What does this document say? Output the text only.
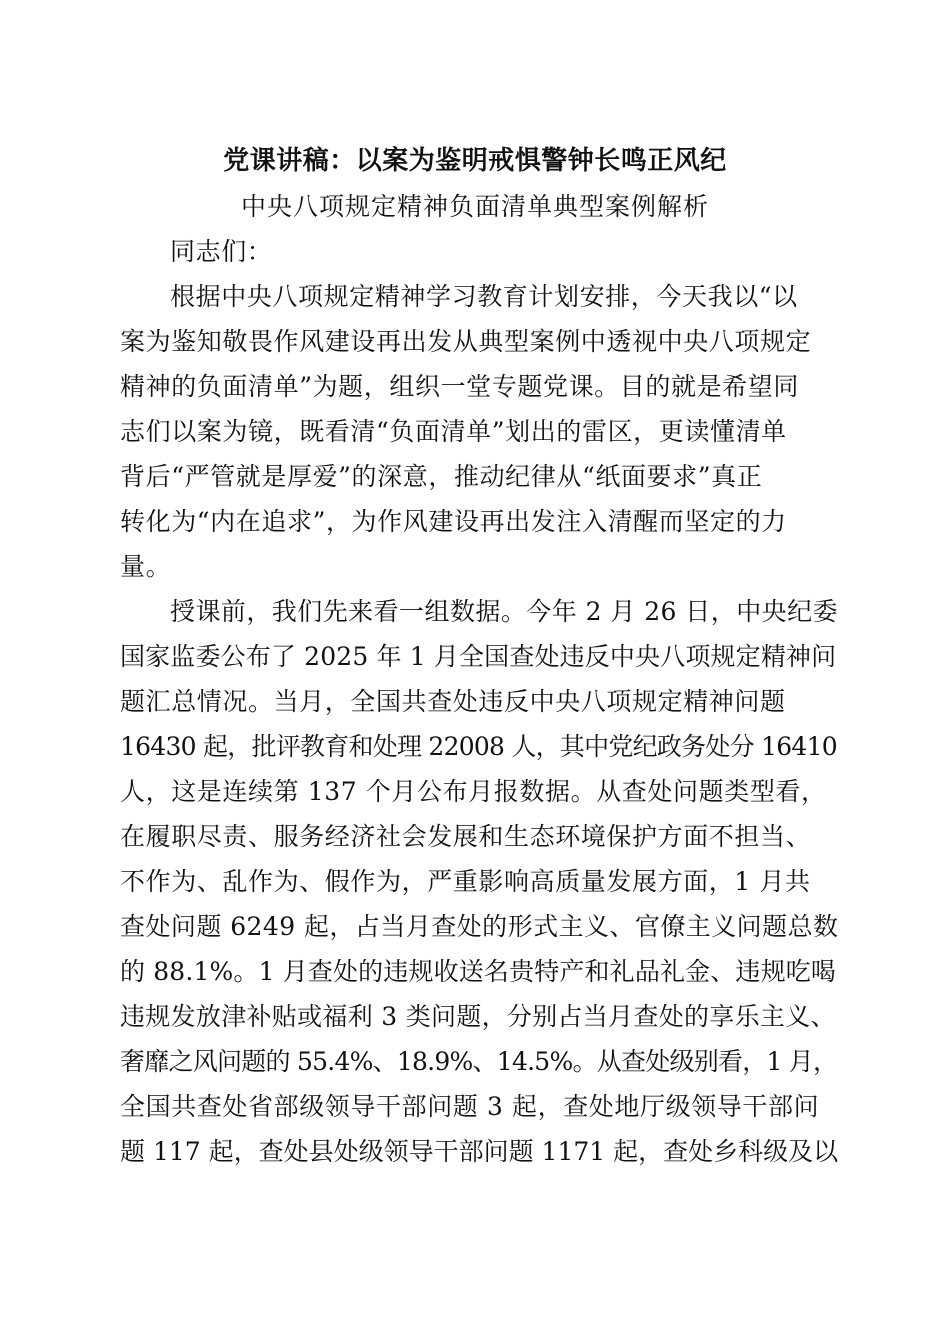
党课讲稿：以案为鉴明戒惧警钟长鸣正风纪
中央八项规定精神负面清单典型案例解析
同志们：
根据中央八项规定精神学习教育计划安排，今天我以“以
案为鉴知敬畏作风建设再出发从典型案例中透视中央八项规定
精神的负面清单”为题，组织一堂专题党课。目的就是希望同
志们以案为镜，既看清“负面清单”划出的雷区，更读懂清单
背后“严管就是厚爱”的深意，推动纪律从“纸面要求”真正
转化为“内在追求”，为作风建设再出发注入清醒而坚定的力
量。
授课前，我们先来看一组数据。今年 2 月 26 日，中央纪委
国家监委公布了 2025 年 1 月全国查处违反中央八项规定精神问
题汇总情况。当月，全国共查处违反中央八项规定精神问题
16430 起，批评教育和处理 22008 人，其中党纪政务处分 16410
人，这是连续第 137 个月公布月报数据。从查处问题类型看，
在履职尽责、服务经济社会发展和生态环境保护方面不担当、
不作为、乱作为、假作为，严重影响高质量发展方面，1 月共
查处问题 6249 起，占当月查处的形式主义、官僚主义问题总数
的 88.1%。1 月查处的违规收送名贵特产和礼品礼金、违规吃喝
违规发放津补贴或福利 3 类问题，分别占当月查处的享乐主义、
奢靡之风问题的 55.4%、18.9%、14.5%。从查处级别看，1 月，
全国共查处省部级领导干部问题 3 起，查处地厅级领导干部问
题 117 起，查处县处级领导干部问题 1171 起，查处乡科级及以
